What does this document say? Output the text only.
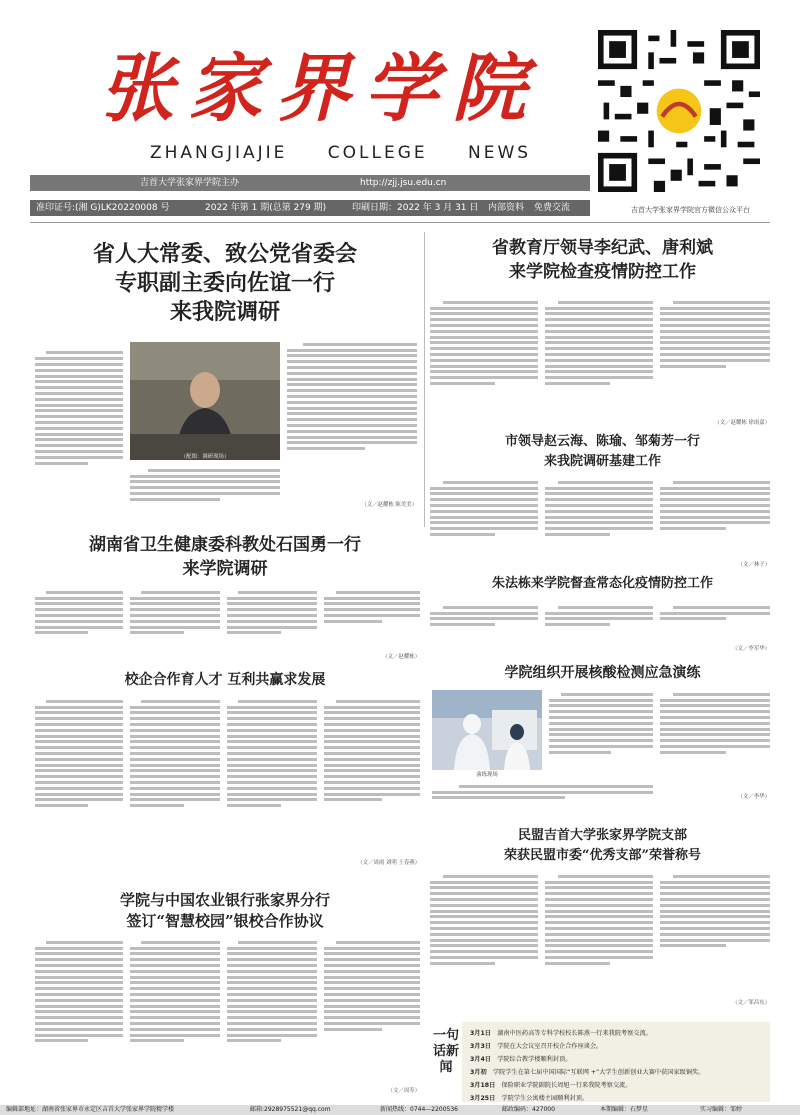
张家界学院
ZHANGJIAJIE COLLEGE NEWS
吉首大学张家界学院主办	http://zjj.jsu.edu.cn
准印证号:(湘 G)LK20220008 号	2022 年第 1 期(总第 279 期)	印刷日期：2022 年 3 月 31 日 内部资料 免费交流	吉首大学张家界学院官方微信公众平台
省人大常委、致公党省委会
专职副主委向佐谊一行
来我院调研

（配图：调研现场）
（文／赵耀栋 陈美美）
省教育厅领导李纪武、唐利斌
来学院检查疫情防控工作
（文／赵耀栋 徐雨嘉）
市领导赵云海、陈瑜、邹菊芳一行
来我院调研基建工作
（文／林子）
湖南省卫生健康委科教处石国勇一行
来学院调研
（文／赵耀栋）
朱法栋来学院督查常态化疫情防控工作
（文／李军华）
校企合作育人才 互利共赢求发展
（文／周雨 刘明 王春燕）
学院组织开展核酸检测应急演练
演练现场
（文／李华）
学院与中国农业银行张家界分行
签订“智慧校园”银校合作协议
（文／周寿）
民盟吉首大学张家界学院支部
荣获民盟市委“优秀支部”荣誉称号
（文／邹昌东）
一句话新闻
3月1日　 湖南中医药高等专科学校校长陈燕一行来我院考察交流。
3月3日　 学院在大会议室召开校企合作座谈会。
3月4日　 学院综合教学楼顺利封顶。
3月初　 学院学生在第七届中国国际“互联网 +”大学生创新创业大赛中获国家级铜奖。
3月18日　 保险职业学院副院长周旭一行来我院考察交流。
3月25日　 学院学生公寓楼主园顺利封顶。
编辑部地址：湖南省张家界市永定区吉首大学张家界学院精学楼	邮箱:2928975521@qq.com	新闻热线：0744—2200536	邮政编码：427000	本期编辑：石梦星	实习编辑：邹婷
